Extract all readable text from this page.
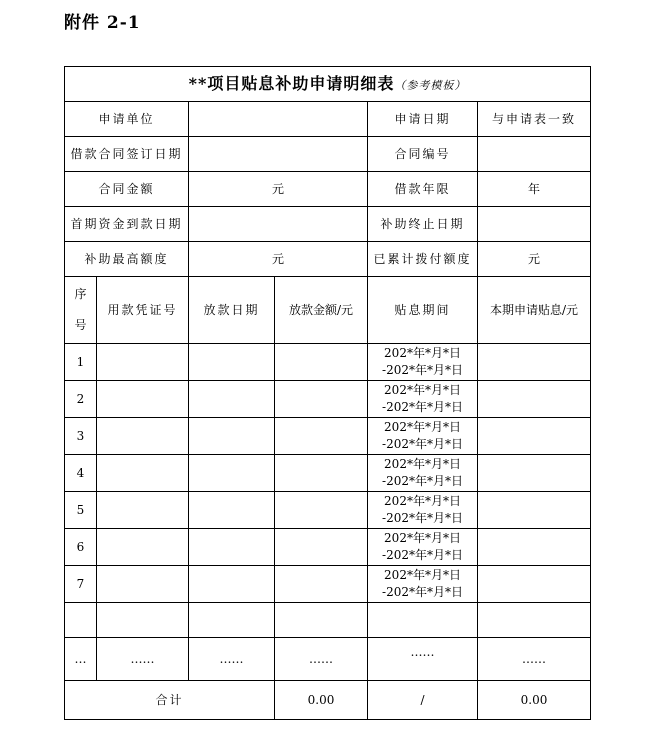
附件 2-1
**项目贴息补助申请明细表（参考模板）					
申请单位				申请日期	与申请表一致
借款合同签订日期				合同编号	
合同金额		元		借款年限	年
首期资金到款日期				补助终止日期	
补助最高额度		元		已累计拨付额度	元

序
号	用款凭证号	放款日期	放款金额/元	贴息期间	本期申请贴息/元
1				202*年*月*日
-202*年*月*日	

2				202*年*月*日
-202*年*月*日	

3				202*年*月*日
-202*年*月*日	

4				202*年*月*日
-202*年*月*日	

5				202*年*月*日
-202*年*月*日	

6				202*年*月*日
-202*年*月*日	

7				202*年*月*日
-202*年*月*日	

…	……	……	……	……	……
合计			0.00	/	0.00
